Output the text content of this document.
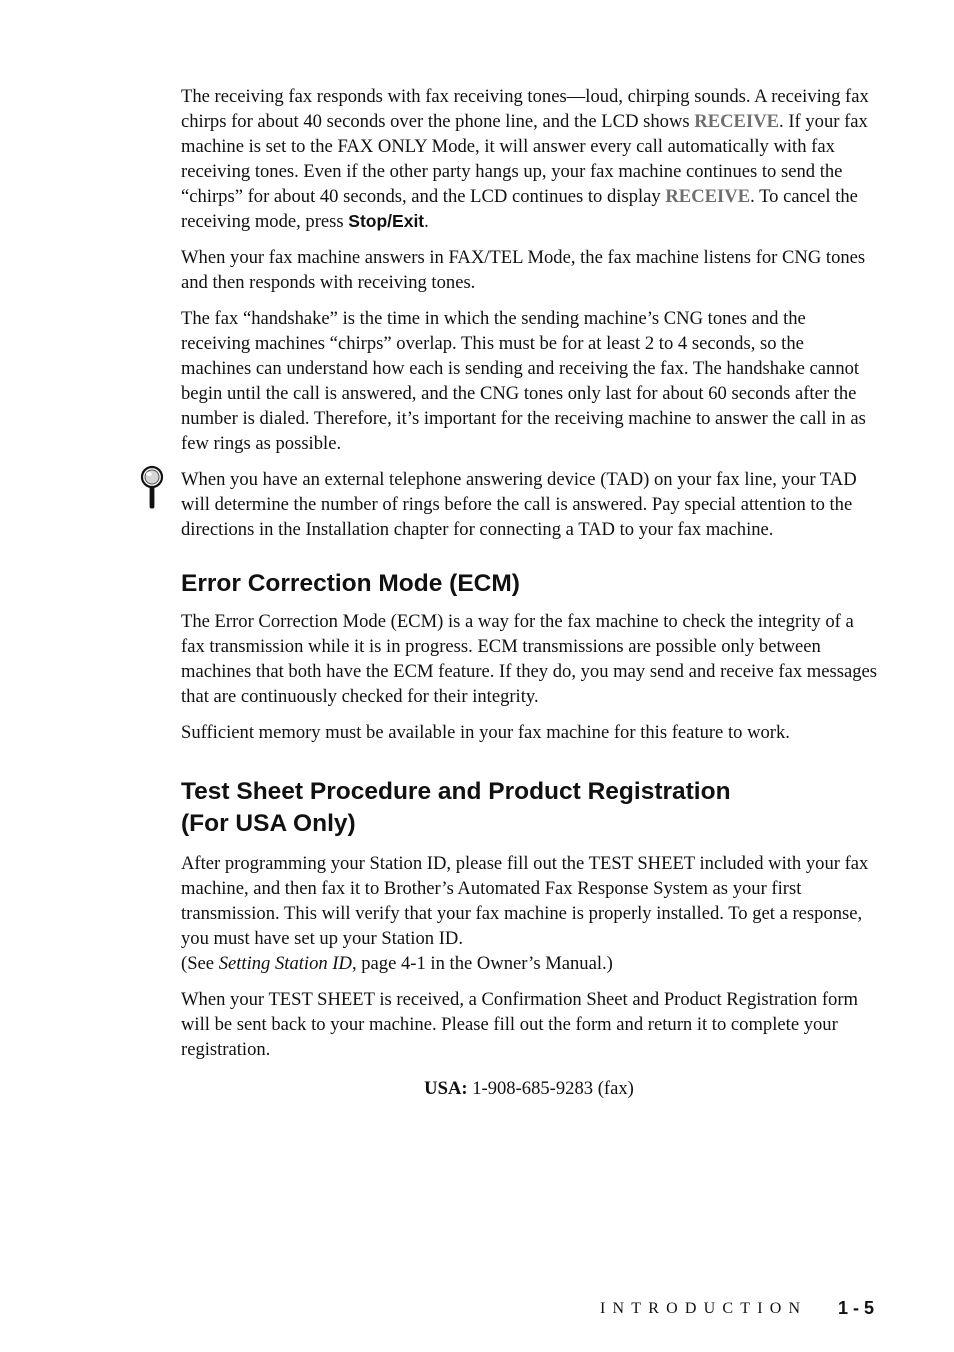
The receiving fax responds with fax receiving tones—loud, chirping sounds. A receiving fax chirps for about 40 seconds over the phone line, and the LCD shows RECEIVE. If your fax machine is set to the FAX ONLY Mode, it will answer every call automatically with fax receiving tones. Even if the other party hangs up, your fax machine continues to send the “chirps” for about 40 seconds, and the LCD continues to display RECEIVE. To cancel the receiving mode, press Stop/Exit.

When your fax machine answers in FAX/TEL Mode, the fax machine listens for CNG tones and then responds with receiving tones.

The fax “handshake” is the time in which the sending machine’s CNG tones and the receiving machines “chirps” overlap. This must be for at least 2 to 4 seconds, so the machines can understand how each is sending and receiving the fax. The handshake cannot begin until the call is answered, and the CNG tones only last for about 60 seconds after the number is dialed. Therefore, it’s important for the receiving machine to answer the call in as few rings as possible.

When you have an external telephone answering device (TAD) on your fax line, your TAD will determine the number of rings before the call is answered. Pay special attention to the directions in the Installation chapter for connecting a TAD to your fax machine.

Error Correction Mode (ECM)

The Error Correction Mode (ECM) is a way for the fax machine to check the integrity of a fax transmission while it is in progress. ECM transmissions are possible only between machines that both have the ECM feature. If they do, you may send and receive fax messages that are continuously checked for their integrity.

Sufficient memory must be available in your fax machine for this feature to work.

Test Sheet Procedure and Product Registration
(For USA Only)

After programming your Station ID, please fill out the TEST SHEET included with your fax machine, and then fax it to Brother’s Automated Fax Response System as your first transmission. This will verify that your fax machine is properly installed. To get a response, you must have set up your Station ID.
(See Setting Station ID, page 4-1 in the Owner’s Manual.)

When your TEST SHEET is received, a Confirmation Sheet and Product Registration form will be sent back to your machine. Please fill out the form and return it to complete your registration.

USA: 1-908-685-9283 (fax)

INTRODUCTION 1 - 5
